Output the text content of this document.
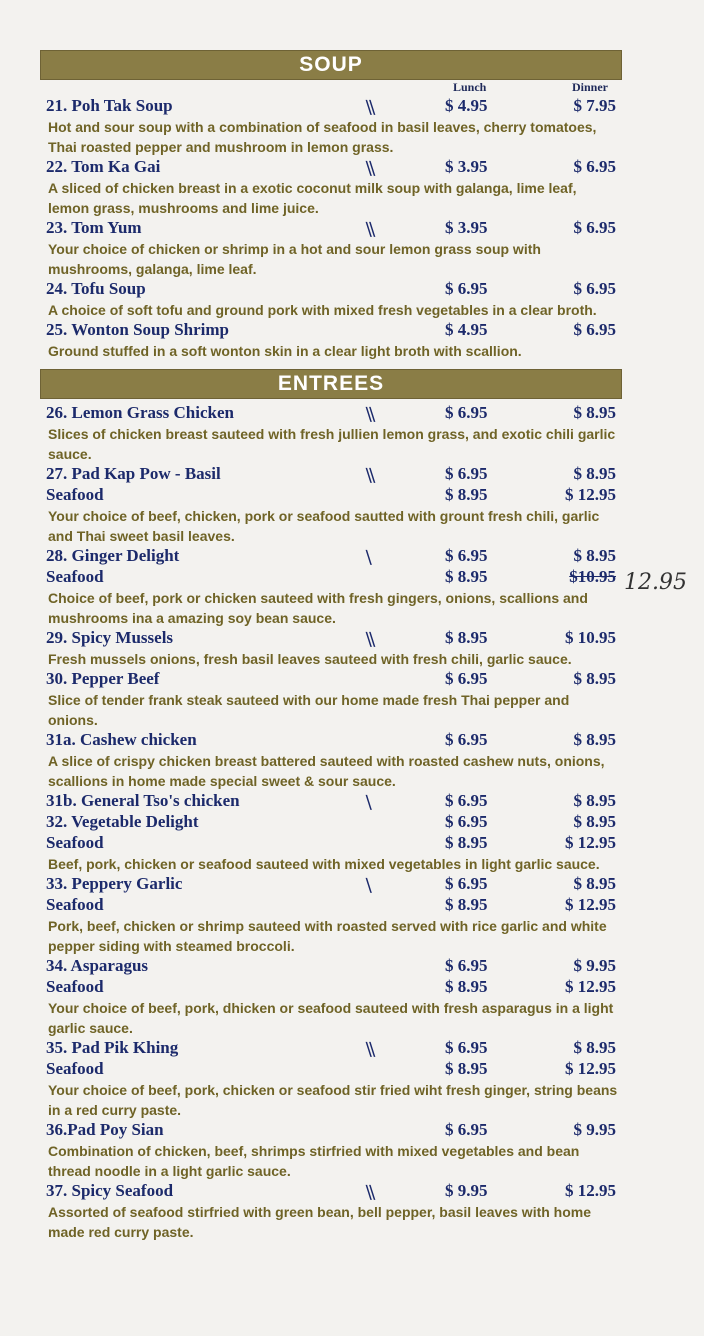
SOUP
Lunch	Dinner
21. Poh Tak Soup	⧹⧹	$ 4.95	$ 7.95
Hot and sour soup with a combination of seafood in basil leaves, cherry tomatoes, Thai roasted pepper and mushroom in lemon grass.
22. Tom Ka Gai	⧹⧹	$ 3.95	$ 6.95
A sliced of chicken breast in a exotic coconut milk soup with galanga, lime leaf, lemon grass, mushrooms and lime juice.
23. Tom Yum	⧹⧹	$ 3.95	$ 6.95
Your choice of chicken or shrimp in a hot and sour lemon grass soup with mushrooms, galanga, lime leaf.
24. Tofu Soup	$ 6.95	$ 6.95
A choice of soft tofu and ground pork with mixed fresh vegetables in a clear broth.
25. Wonton Soup Shrimp	$ 4.95	$ 6.95
Ground stuffed in a soft wonton skin in a clear light broth with scallion.
ENTREES
26. Lemon Grass Chicken	⧹⧹	$ 6.95	$ 8.95
Slices of chicken breast sauteed with fresh jullien lemon grass, and exotic chili garlic sauce.
27. Pad Kap Pow - Basil	⧹⧹	$ 6.95	$ 8.95
Seafood	$ 8.95	$ 12.95
Your choice of beef, chicken, pork or seafood sautted with grount fresh chili, garlic and Thai sweet basil leaves.
28. Ginger Delight	⧹	$ 6.95	$ 8.95
Seafood	$ 8.95	$10.95
Choice of beef, pork or chicken sauteed with fresh gingers, onions, scallions and mushrooms ina a amazing soy bean sauce.
29. Spicy Mussels	⧹⧹	$ 8.95	$ 10.95
Fresh mussels onions, fresh basil leaves sauteed with fresh chili, garlic sauce.
30. Pepper Beef	$ 6.95	$ 8.95
Slice of tender frank steak sauteed with our home made fresh Thai pepper and onions.
31a. Cashew chicken	$ 6.95	$ 8.95
A slice of crispy chicken breast battered sauteed with roasted cashew nuts, onions, scallions in home made special sweet & sour sauce.
31b. General Tso's chicken	⧹	$ 6.95	$ 8.95
32. Vegetable Delight	$ 6.95	$ 8.95
Seafood	$ 8.95	$ 12.95
Beef, pork, chicken or seafood sauteed with mixed vegetables in light garlic sauce.
33. Peppery Garlic	⧹	$ 6.95	$ 8.95
Seafood	$ 8.95	$ 12.95
Pork, beef, chicken or shrimp sauteed with roasted served with rice garlic and white pepper siding with steamed broccoli.
34. Asparagus	$ 6.95	$ 9.95
Seafood	$ 8.95	$ 12.95
Your choice of beef, pork, dhicken or seafood sauteed with fresh asparagus in a light garlic sauce.
35. Pad Pik Khing	⧹⧹	$ 6.95	$ 8.95
Seafood	$ 8.95	$ 12.95
Your choice of beef, pork, chicken or seafood stir fried wiht fresh ginger, string beans in a red curry paste.
36.Pad Poy Sian	$ 6.95	$ 9.95
Combination of chicken, beef, shrimps stirfried with mixed vegetables and bean thread noodle in a light garlic sauce.
37. Spicy Seafood	⧹⧹	$ 9.95	$ 12.95
Assorted of seafood stirfried with green bean, bell pepper, basil leaves with home made red curry paste.
12.95
